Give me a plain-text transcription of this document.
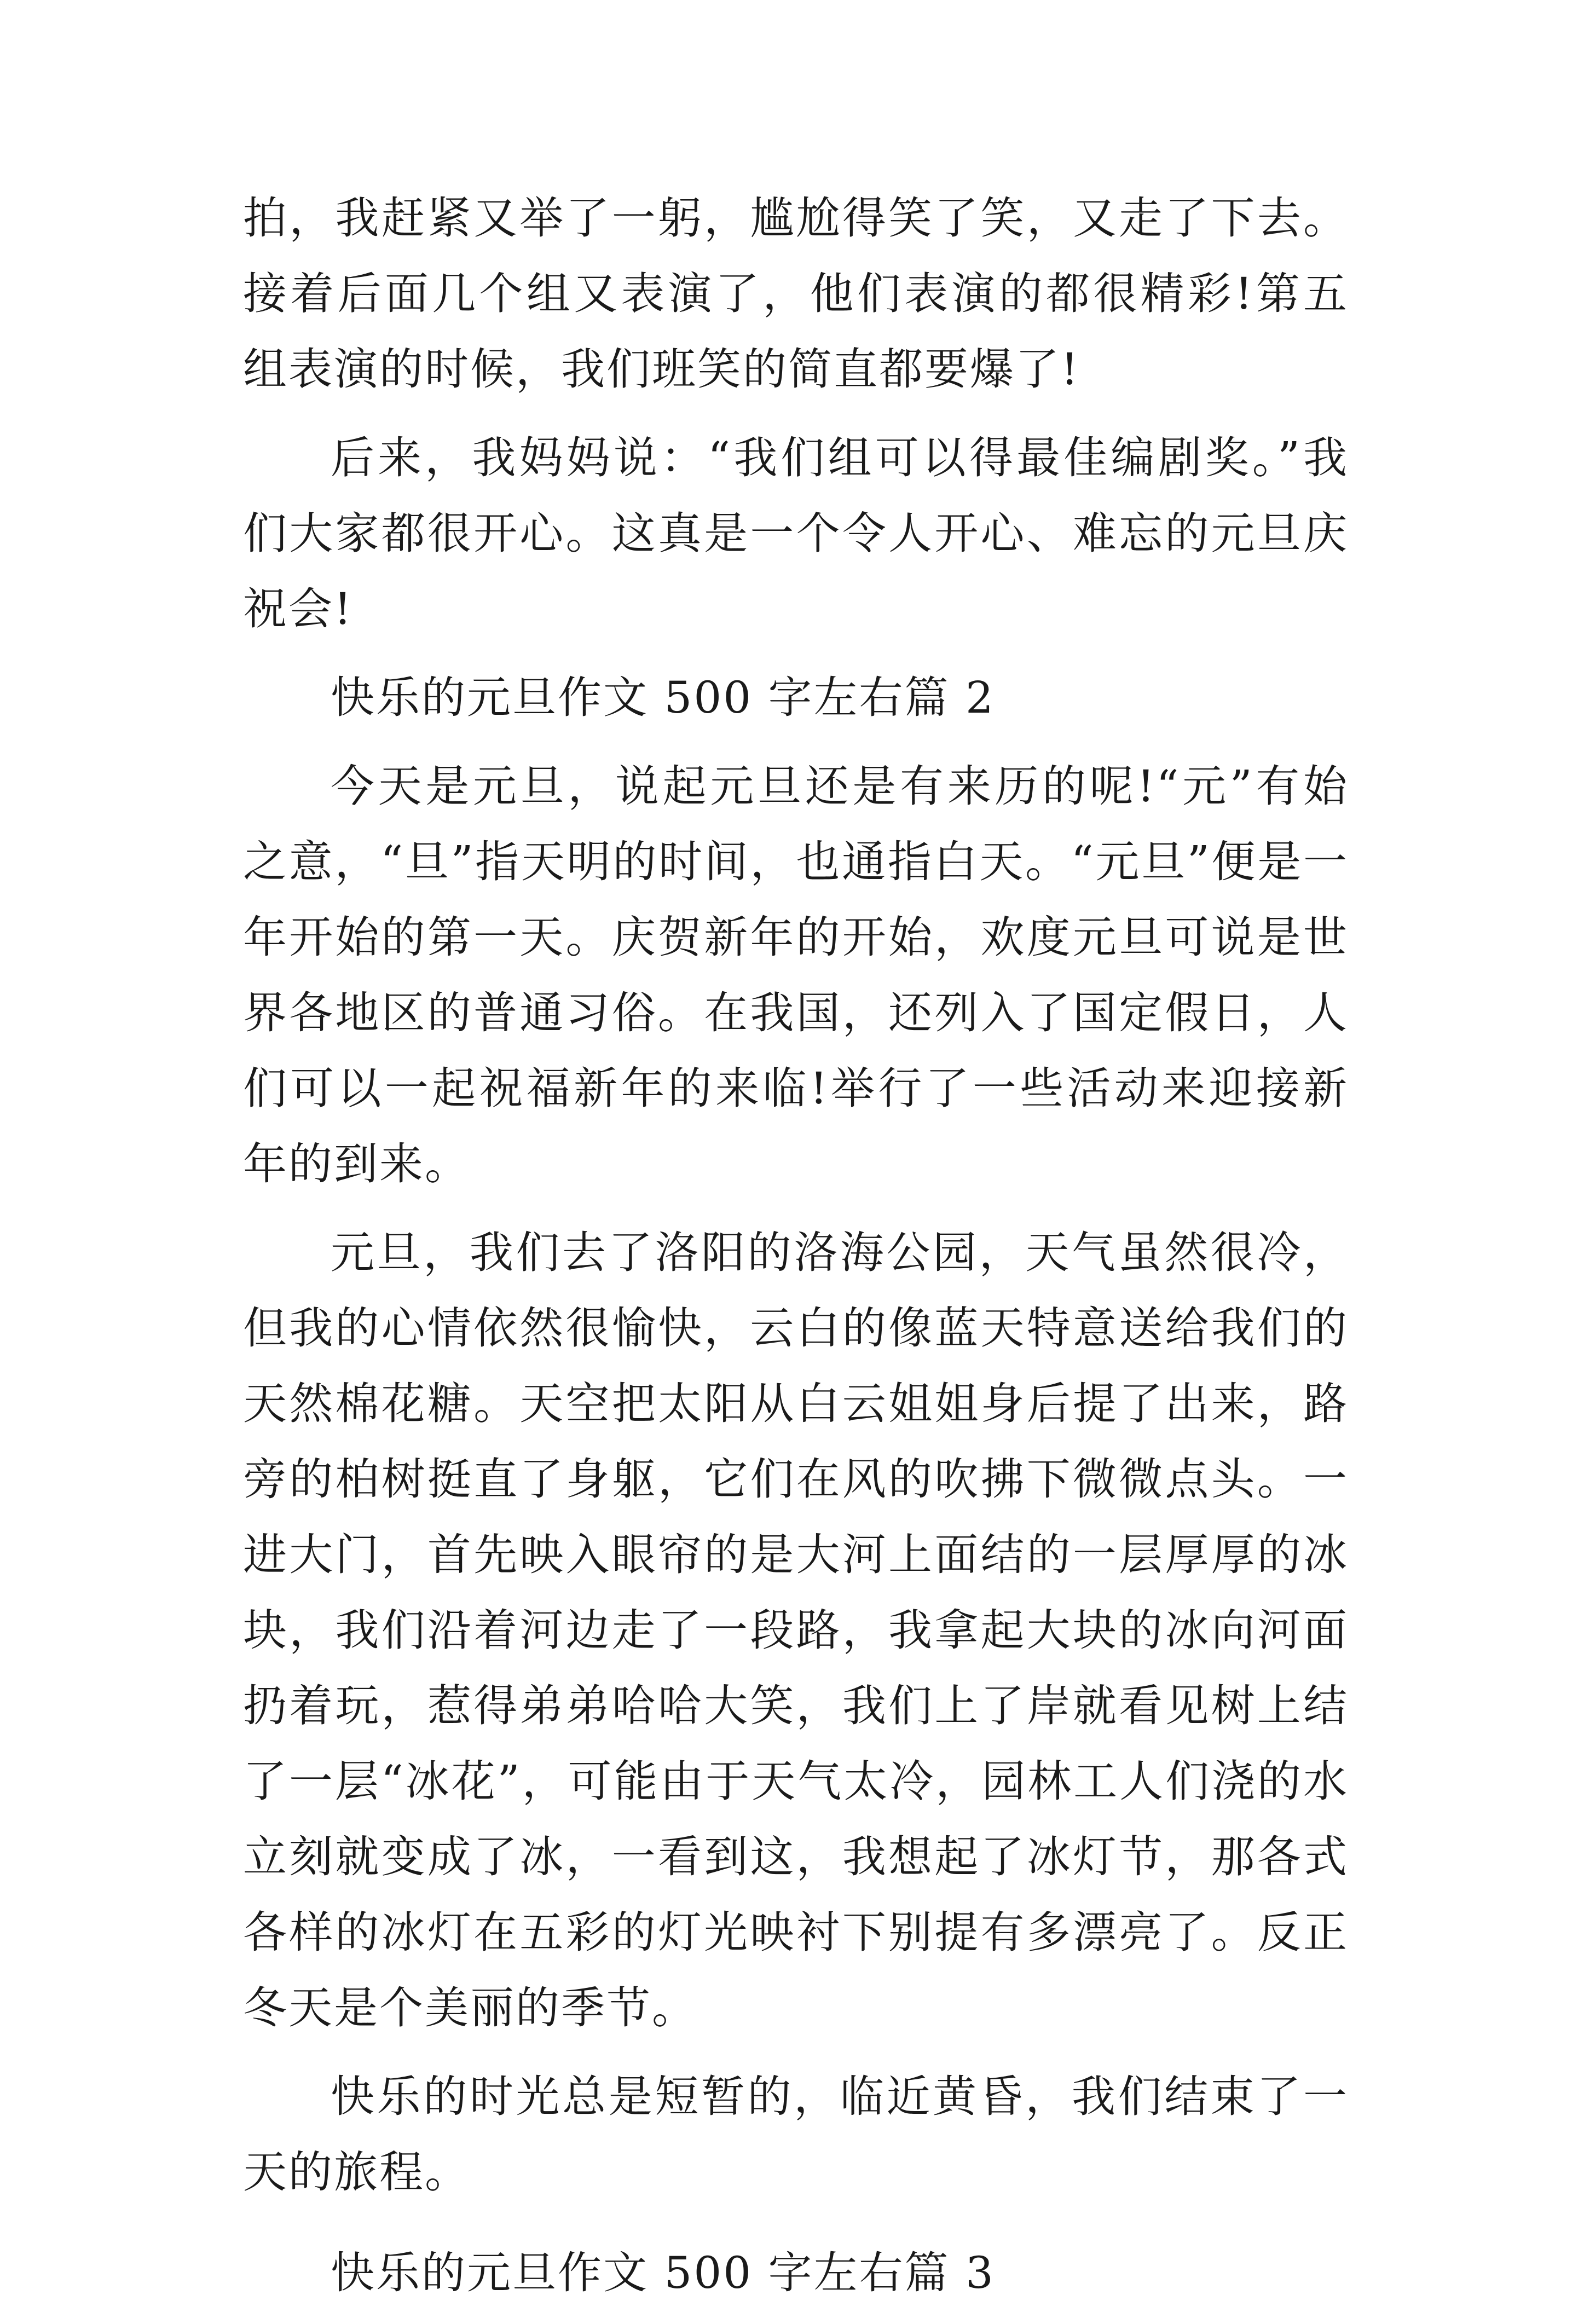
拍，我赶紧又举了一躬，尴尬得笑了笑，又走了下去。接着后面几个组又表演了，他们表演的都很精彩!第五组表演的时候，我们班笑的简直都要爆了!

后来，我妈妈说：“我们组可以得最佳编剧奖。”我们大家都很开心。这真是一个令人开心、难忘的元旦庆祝会!

快乐的元旦作文 500 字左右篇 2

今天是元旦，说起元旦还是有来历的呢!“元”有始之意，“旦”指天明的时间，也通指白天。“元旦”便是一年开始的第一天。庆贺新年的开始，欢度元旦可说是世界各地区的普通习俗。在我国，还列入了国定假日，人们可以一起祝福新年的来临!举行了一些活动来迎接新年的到来。

元旦，我们去了洛阳的洛海公园，天气虽然很冷，但我的心情依然很愉快，云白的像蓝天特意送给我们的天然棉花糖。天空把太阳从白云姐姐身后提了出来，路旁的柏树挺直了身躯，它们在风的吹拂下微微点头。一进大门，首先映入眼帘的是大河上面结的一层厚厚的冰块，我们沿着河边走了一段路，我拿起大块的冰向河面扔着玩，惹得弟弟哈哈大笑，我们上了岸就看见树上结了一层“冰花”，可能由于天气太冷，园林工人们浇的水立刻就变成了冰，一看到这，我想起了冰灯节，那各式各样的冰灯在五彩的灯光映衬下别提有多漂亮了。反正冬天是个美丽的季节。

快乐的时光总是短暂的，临近黄昏，我们结束了一天的旅程。

快乐的元旦作文 500 字左右篇 3
